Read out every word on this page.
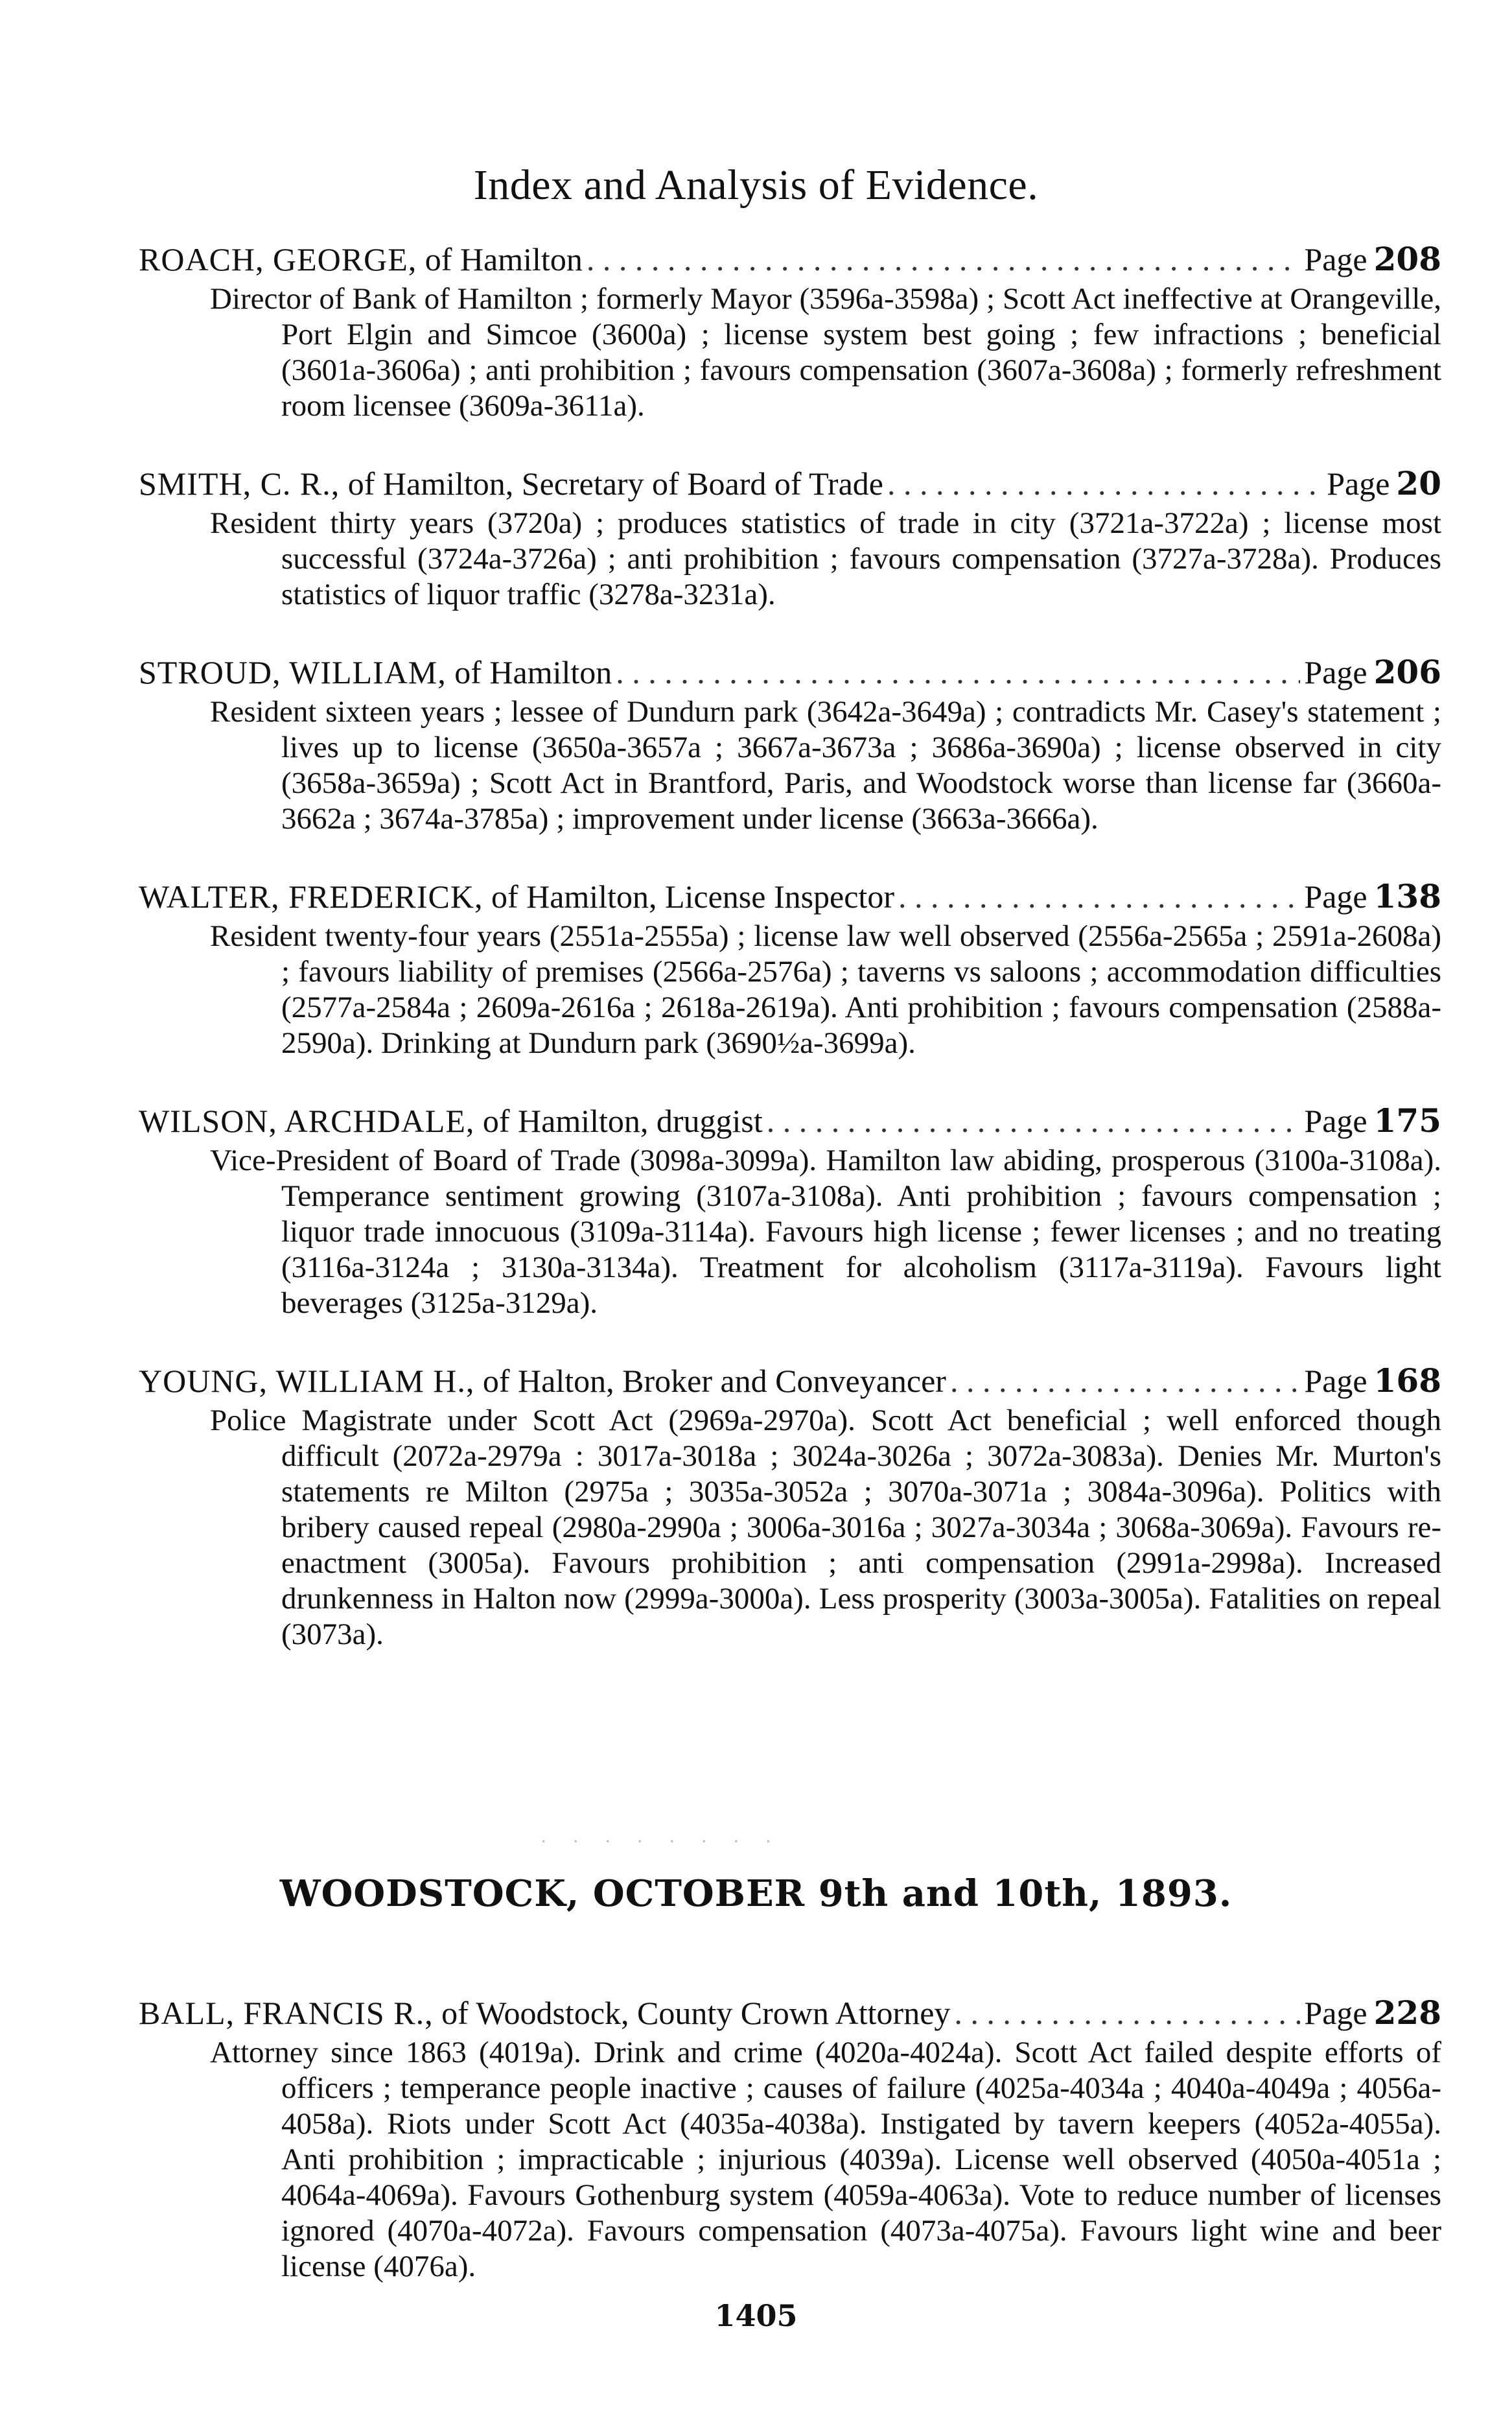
Index and Analysis of Evidence.
ROACH, GEORGE,
of Hamilton . . .	Page 208
Director of Bank of Hamilton ; formerly Mayor (3596a-3598a) ; Scott Act ineffective at Orangeville, Port Elgin and Simcoe (3600a) ; license system best going ; few infractions ; beneficial (3601a-3606a) ; anti prohibition ; favours compensation (3607a-3608a) ; formerly refreshment room licensee (3609a-3611a).
SMITH, C. R.,
of Hamilton, Secretary of Board of Trade . . .	Page 20
Resident thirty years (3720a) ; produces statistics of trade in city (3721a-3722a) ; license most successful (3724a-3726a) ; anti prohibition ; favours compensation (3727a-3728a). Produces statistics of liquor traffic (3278a-3231a).
STROUD, WILLIAM,
of Hamilton . . .	Page 206
Resident sixteen years ; lessee of Dundurn park (3642a-3649a) ; contradicts Mr. Casey's statement ; lives up to license (3650a-3657a ; 3667a-3673a ; 3686a-3690a) ; license observed in city (3658a-3659a) ; Scott Act in Brantford, Paris, and Woodstock worse than license far (3660a-3662a ; 3674a-3785a) ; improvement under license (3663a-3666a).
WALTER, FREDERICK,
of Hamilton, License Inspector . . .	Page 138
Resident twenty-four years (2551a-2555a) ; license law well observed (2556a-2565a ; 2591a-2608a) ; favours liability of premises (2566a-2576a) ; taverns vs saloons ; accommodation difficulties (2577a-2584a ; 2609a-2616a ; 2618a-2619a). Anti prohibition ; favours compensation (2588a-2590a). Drinking at Dundurn park (3690½a-3699a).
WILSON, ARCHDALE,
of Hamilton, druggist . . .	Page 175
Vice-President of Board of Trade (3098a-3099a). Hamilton law abiding, prosperous (3100a-3108a). Temperance sentiment growing (3107a-3108a). Anti prohibition ; favours compensation ; liquor trade innocuous (3109a-3114a). Favours high license ; fewer licenses ; and no treating (3116a-3124a ; 3130a-3134a). Treatment for alcoholism (3117a-3119a). Favours light beverages (3125a-3129a).
YOUNG, WILLIAM H.,
of Halton, Broker and Conveyancer . . .	Page 168
Police Magistrate under Scott Act (2969a-2970a). Scott Act beneficial ; well enforced though difficult (2072a-2979a : 3017a-3018a ; 3024a-3026a ; 3072a-3083a). Denies Mr. Murton's statements re Milton (2975a ; 3035a-3052a ; 3070a-3071a ; 3084a-3096a). Politics with bribery caused repeal (2980a-2990a ; 3006a-3016a ; 3027a-3034a ; 3068a-3069a). Favours re-enactment (3005a). Favours prohibition ; anti compensation (2991a-2998a). Increased drunkenness in Halton now (2999a-3000a). Less prosperity (3003a-3005a). Fatalities on repeal (3073a).
· · · · · · · ·
WOODSTOCK, OCTOBER 9th and 10th, 1893.
BALL, FRANCIS R.,
of Woodstock, County Crown Attorney . . .	Page 228
Attorney since 1863 (4019a). Drink and crime (4020a-4024a). Scott Act failed despite efforts of officers ; temperance people inactive ; causes of failure (4025a-4034a ; 4040a-4049a ; 4056a-4058a). Riots under Scott Act (4035a-4038a). Instigated by tavern keepers (4052a-4055a). Anti prohibition ; impracticable ; injurious (4039a). License well observed (4050a-4051a ; 4064a-4069a). Favours Gothenburg system (4059a-4063a). Vote to reduce number of licenses ignored (4070a-4072a). Favours compensation (4073a-4075a). Favours light wine and beer license (4076a).
1405
